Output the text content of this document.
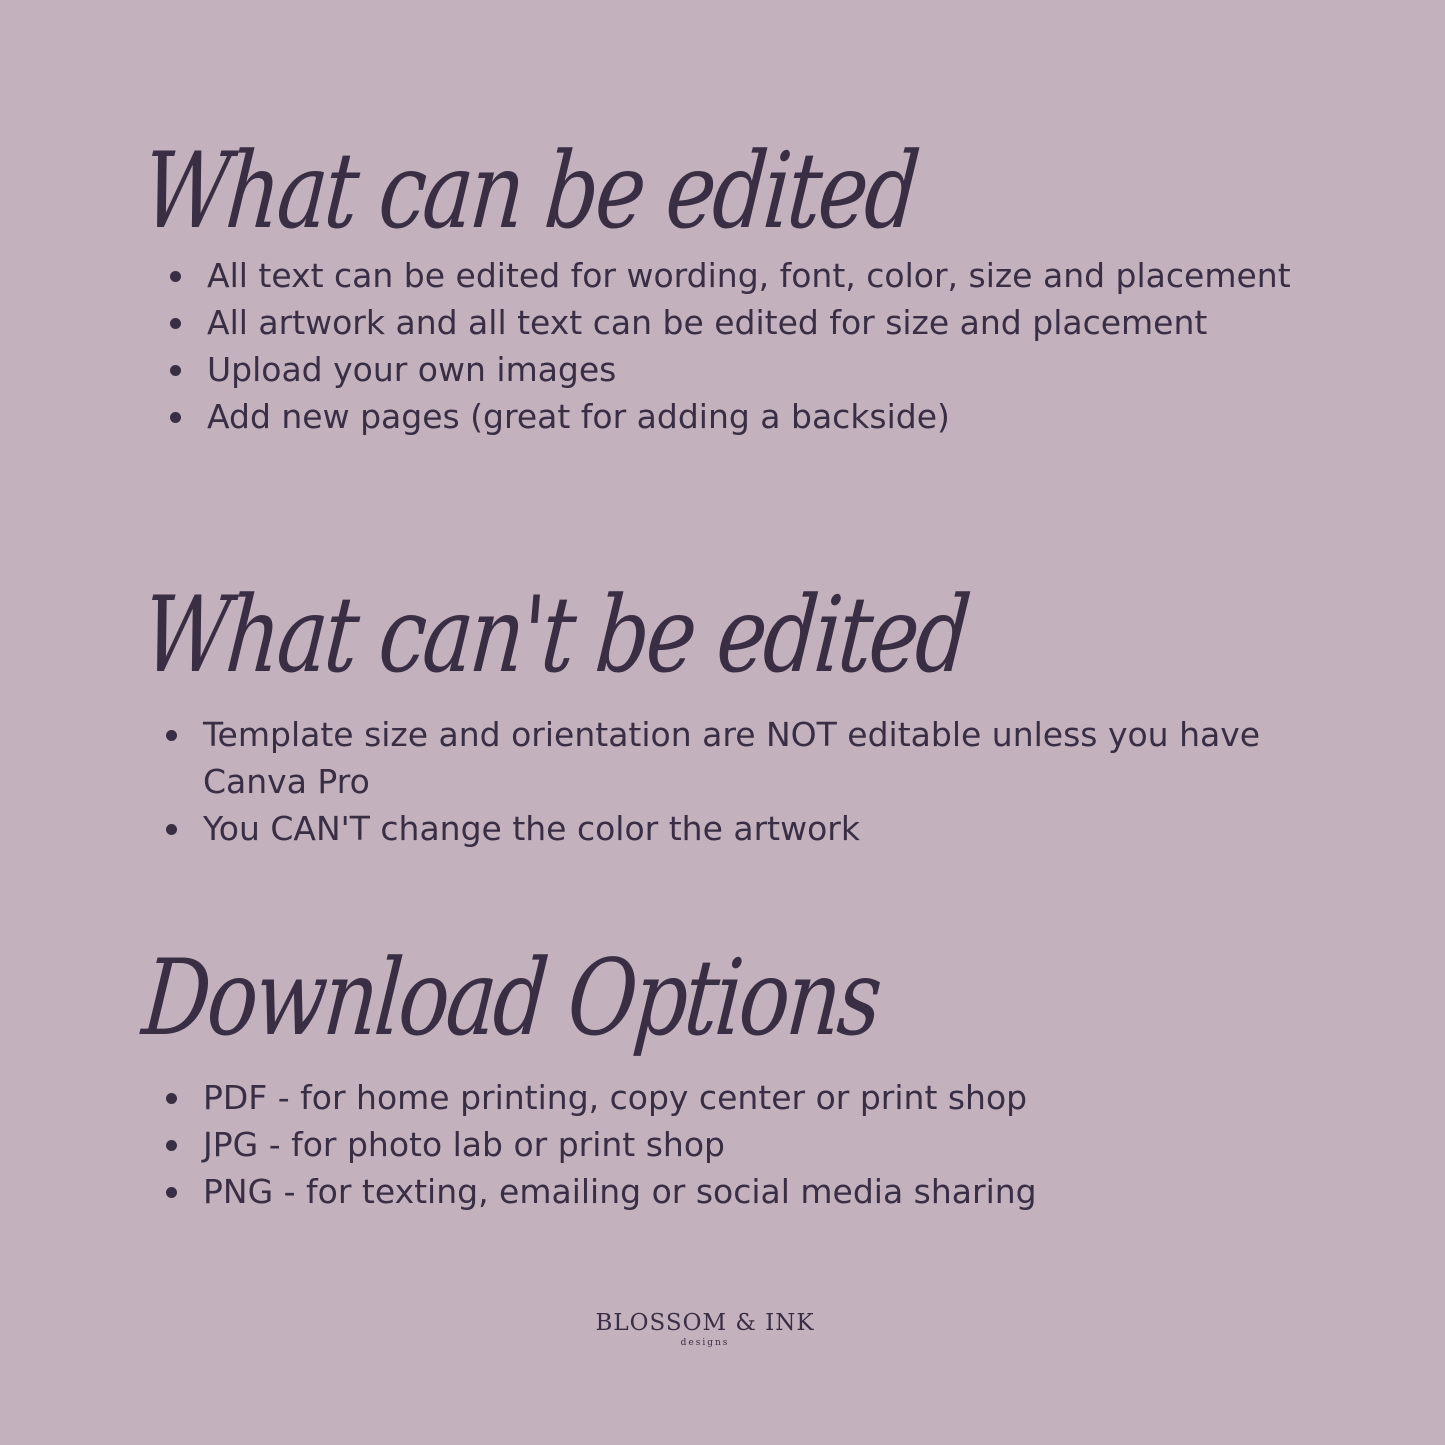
What can be edited
All text can be edited for wording, font, color, size and placement
All artwork and all text can be edited for size and placement
Upload your own images
Add new pages (great for adding a backside)
What can't be edited
Template size and orientation are NOT editable unless you have Canva Pro
You CAN'T change the color the artwork
Download Options
PDF - for home printing, copy center or print shop
JPG - for photo lab or print shop
PNG - for texting, emailing or social media sharing
BLOSSOM & INK
designs
